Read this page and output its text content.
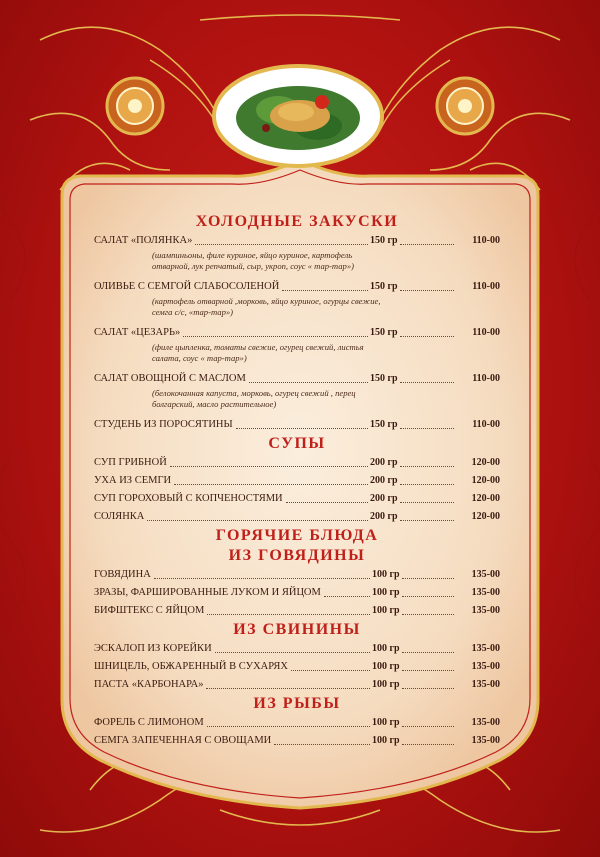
ХОЛОДНЫЕ ЗАКУСКИ
САЛАТ «ПОЛЯНКА»	150 гр	110-00
(шампиньоны, филе куриное, яйцо куриное, картофель отварной, лук репчатый, сыр, укроп, соус « тар-тар»)
ОЛИВЬЕ С СЕМГОЙ СЛАБОСОЛЕНОЙ	150 гр	110-00
(картофель отварной ,морковь, яйцо куриное, огурцы свежие, семга с/с, «тар-тар»)
САЛАТ «ЦЕЗАРЬ»	150 гр	110-00
(филе цыпленка, томаты свежие, огурец свежий, листья салата, соус « тар-тар»)
САЛАТ ОВОЩНОЙ С МАСЛОМ	150 гр	110-00
(белокочанная капуста, морковь, огурец свежий , перец болгарский, масло растительное)
СТУДЕНЬ ИЗ ПОРОСЯТИНЫ	150 гр	110-00
СУПЫ
СУП ГРИБНОЙ	200 гр	120-00
УХА ИЗ СЕМГИ	200 гр	120-00
СУП ГОРОХОВЫЙ С КОПЧЕНОСТЯМИ	200 гр	120-00
СОЛЯНКА	200 гр	120-00
ГОРЯЧИЕ БЛЮДА
ИЗ ГОВЯДИНЫ
ГОВЯДИНА	100 гр	135-00
ЗРАЗЫ, ФАРШИРОВАННЫЕ ЛУКОМ И ЯЙЦОМ	100 гр	135-00
БИФШТЕКС С ЯЙЦОМ	100 гр	135-00
ИЗ СВИНИНЫ
ЭСКАЛОП ИЗ КОРЕЙКИ	100 гр	135-00
ШНИЦЕЛЬ, ОБЖАРЕННЫЙ В СУХАРЯХ	100 гр	135-00
ПАСТА «КАРБОНАРА»	100 гр	135-00
ИЗ РЫБЫ
ФОРЕЛЬ С ЛИМОНОМ	100 гр	135-00
СЕМГА ЗАПЕЧЕННАЯ С ОВОЩАМИ	100 гр	135-00
